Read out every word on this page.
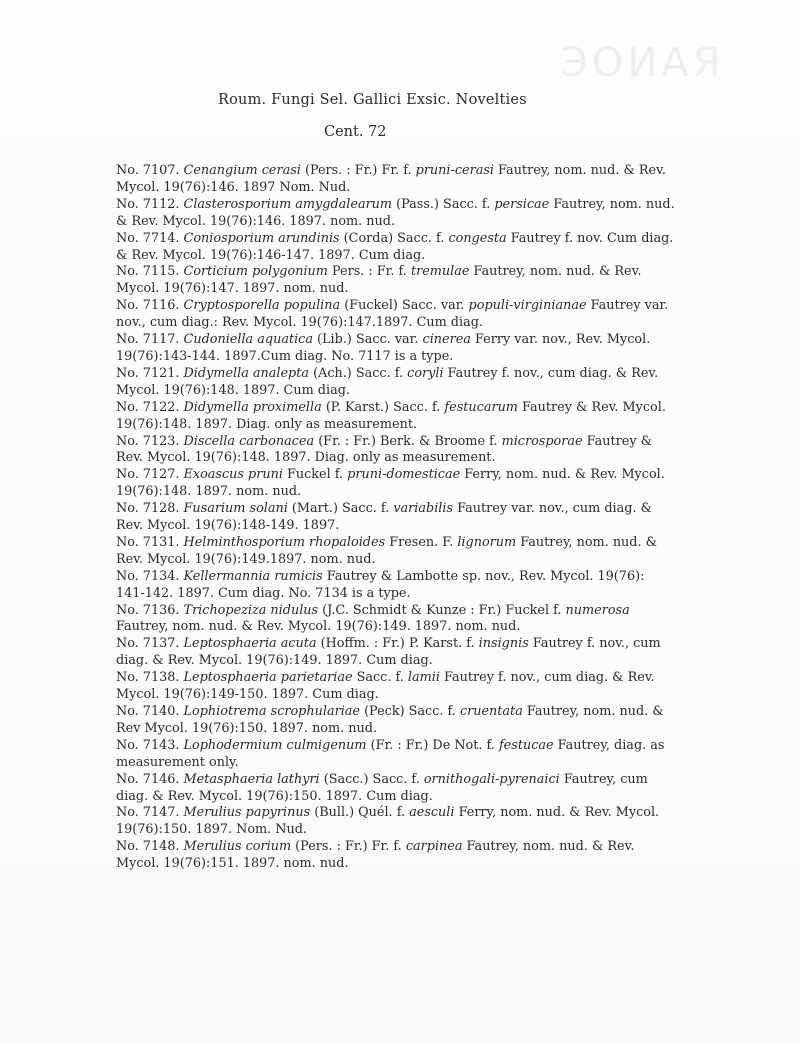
ЭOИAЯ
Roum. Fungi Sel. Gallici Exsic. Novelties
Cent. 72
No. 7107. Cenangium cerasi (Pers. : Fr.) Fr. f. pruni-cerasi Fautrey, nom. nud. & Rev. Mycol. 19(76):146. 1897 Nom. Nud.
No. 7112. Clasterosporium amygdalearum (Pass.) Sacc. f. persicae Fautrey, nom. nud. & Rev. Mycol. 19(76):146. 1897. nom. nud.
No. 7714. Coniosporium arundinis (Corda) Sacc. f. congesta Fautrey f. nov. Cum diag. & Rev. Mycol. 19(76):146-147. 1897. Cum diag.
No. 7115. Corticium polygonium Pers. : Fr. f. tremulae Fautrey, nom. nud. & Rev. Mycol. 19(76):147. 1897. nom. nud.
No. 7116. Cryptosporella populina (Fuckel) Sacc. var. populi-virginianae Fautrey var. nov., cum diag.: Rev. Mycol. 19(76):147.1897. Cum diag.
No. 7117. Cudoniella aquatica (Lib.) Sacc. var. cinerea Ferry var. nov., Rev. Mycol. 19(76):143-144. 1897.Cum diag. No. 7117 is a type.
No. 7121. Didymella analepta (Ach.) Sacc. f. coryli Fautrey f. nov., cum diag. & Rev. Mycol. 19(76):148. 1897. Cum diag.
No. 7122. Didymella proximella (P. Karst.) Sacc. f. festucarum Fautrey & Rev. Mycol. 19(76):148. 1897. Diag. only as measurement.
No. 7123. Discella carbonacea (Fr. : Fr.) Berk. & Broome f. microsporae Fautrey & Rev. Mycol. 19(76):148. 1897. Diag. only as measurement.
No. 7127. Exoascus pruni Fuckel f. pruni-domesticae Ferry, nom. nud. & Rev. Mycol. 19(76):148. 1897. nom. nud.
No. 7128. Fusarium solani (Mart.) Sacc. f. variabilis Fautrey var. nov., cum diag. & Rev. Mycol. 19(76):148-149. 1897.
No. 7131. Helminthosporium rhopaloides Fresen. F. lignorum Fautrey, nom. nud. & Rev. Mycol. 19(76):149.1897. nom. nud.
No. 7134. Kellermannia rumicis Fautrey & Lambotte sp. nov., Rev. Mycol. 19(76): 141-142. 1897. Cum diag. No. 7134 is a type.
No. 7136. Trichopeziza nidulus (J.C. Schmidt & Kunze : Fr.) Fuckel f. numerosa Fautrey, nom. nud. & Rev. Mycol. 19(76):149. 1897. nom. nud.
No. 7137. Leptosphaeria acuta (Hoffm. : Fr.) P. Karst. f. insignis Fautrey f. nov., cum diag. & Rev. Mycol. 19(76):149. 1897. Cum diag.
No. 7138. Leptosphaeria parietariae Sacc. f. lamii Fautrey f. nov., cum diag. & Rev. Mycol. 19(76):149-150. 1897. Cum diag.
No. 7140. Lophiotrema scrophulariae (Peck) Sacc. f. cruentata Fautrey, nom. nud. & Rev Mycol. 19(76):150. 1897. nom. nud.
No. 7143. Lophodermium culmigenum (Fr. : Fr.) De Not. f. festucae Fautrey, diag. as measurement only.
No. 7146. Metasphaeria lathyri (Sacc.) Sacc. f. ornithogali-pyrenaici Fautrey, cum diag. & Rev. Mycol. 19(76):150. 1897. Cum diag.
No. 7147. Merulius papyrinus (Bull.) Quél. f. aesculi Ferry, nom. nud. & Rev. Mycol. 19(76):150. 1897. Nom. Nud.
No. 7148. Merulius corium (Pers. : Fr.) Fr. f. carpinea Fautrey, nom. nud. & Rev. Mycol. 19(76):151. 1897. nom. nud.
